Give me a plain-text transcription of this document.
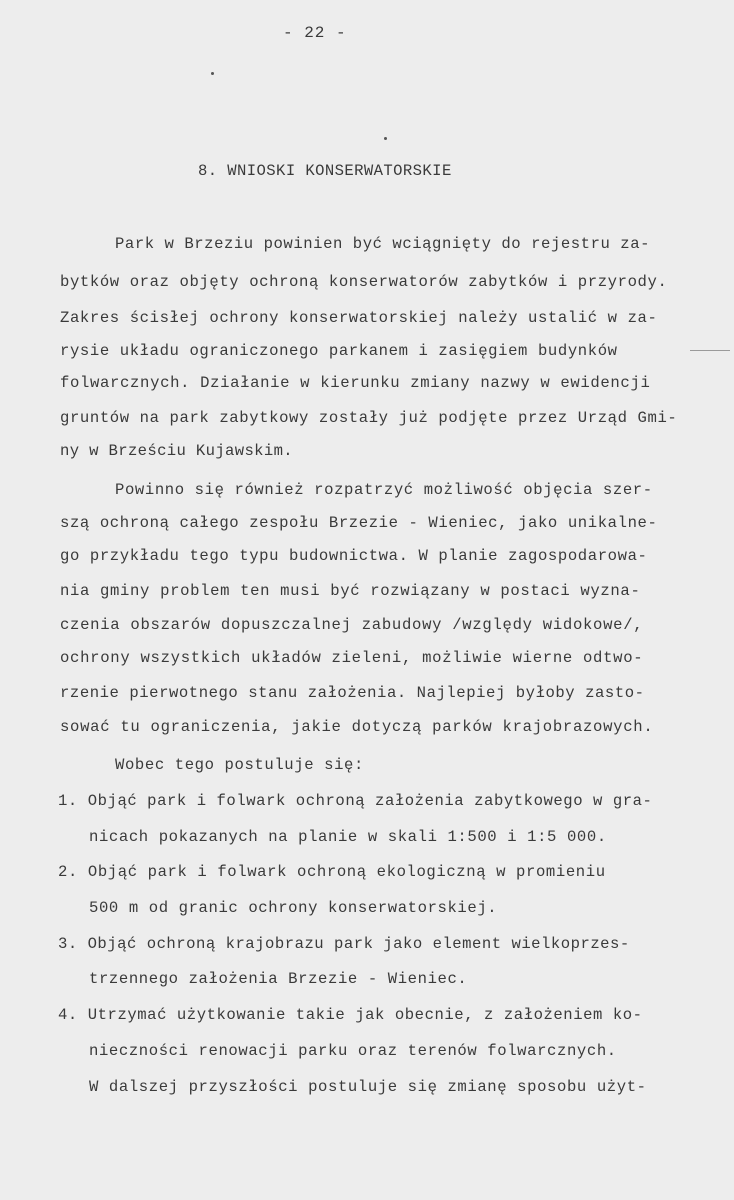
- 22 -
8. WNIOSKI KONSERWATORSKIE
Park w Brzeziu powinien być wciągnięty do rejestru za-
bytków oraz objęty ochroną konserwatorów zabytków i przyrody.
Zakres ścisłej ochrony konserwatorskiej należy ustalić w za-
rysie układu ograniczonego parkanem i zasięgiem budynków
folwarcznych. Działanie w kierunku zmiany nazwy w ewidencji
gruntów na park zabytkowy zostały już podjęte przez Urząd Gmi-
ny w Brześciu Kujawskim.
Powinno się również rozpatrzyć możliwość objęcia szer-
szą ochroną całego zespołu Brzezie - Wieniec, jako unikalne-
go przykładu tego typu budownictwa. W planie zagospodarowa-
nia gminy problem ten musi być rozwiązany w postaci wyzna-
czenia obszarów dopuszczalnej zabudowy /względy widokowe/,
ochrony wszystkich układów zieleni, możliwie wierne odtwo-
rzenie pierwotnego stanu założenia. Najlepiej byłoby zasto-
sować tu ograniczenia, jakie dotyczą parków krajobrazowych.
Wobec tego postuluje się:
1. Objąć park i folwark ochroną założenia zabytkowego w gra-
nicach pokazanych na planie w skali 1:500 i 1:5 000.
2. Objąć park i folwark ochroną ekologiczną w promieniu
500 m od granic ochrony konserwatorskiej.
3. Objąć ochroną krajobrazu park jako element wielkoprzes-
trzennego założenia Brzezie - Wieniec.
4. Utrzymać użytkowanie takie jak obecnie, z założeniem ko-
nieczności renowacji parku oraz terenów folwarcznych.
W dalszej przyszłości postuluje się zmianę sposobu użyt-
